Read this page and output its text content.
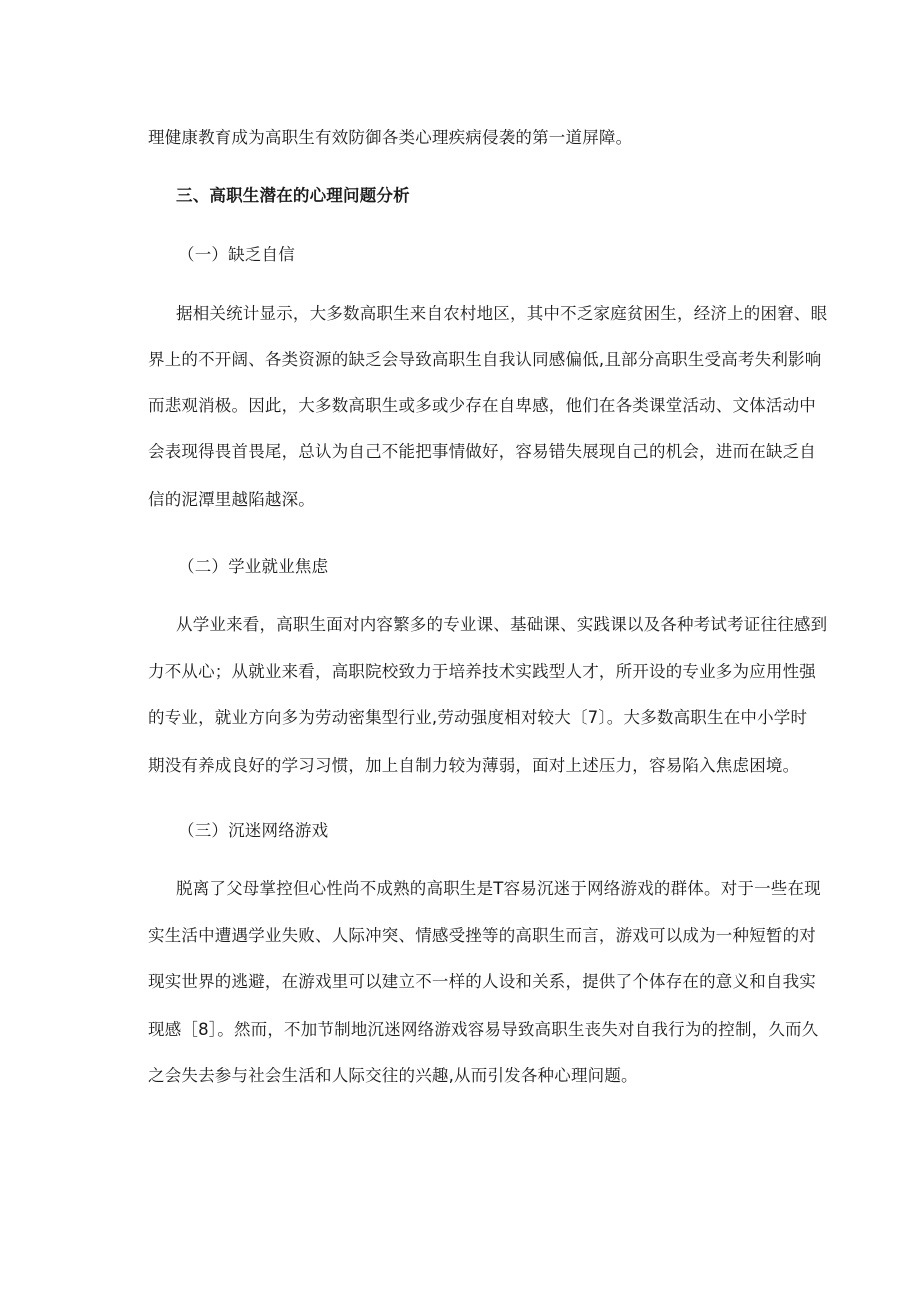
理健康教育成为高职生有效防御各类心理疾病侵袭的第一道屏障。
三、高职生潜在的心理问题分析
（一）缺乏自信
据相关统计显示，大多数高职生来自农村地区，其中不乏家庭贫困生，经济上的困窘、眼
界上的不开阔、各类资源的缺乏会导致高职生自我认同感偏低,且部分高职生受高考失利影响
而悲观消极。因此，大多数高职生或多或少存在自卑感，他们在各类课堂活动、文体活动中
会表现得畏首畏尾，总认为自己不能把事情做好，容易错失展现自己的机会，进而在缺乏自
信的泥潭里越陷越深。
（二）学业就业焦虑
从学业来看，高职生面对内容繁多的专业课、基础课、实践课以及各种考试考证往往感到
力不从心；从就业来看，高职院校致力于培养技术实践型人才，所开设的专业多为应用性强
的专业，就业方向多为劳动密集型行业,劳动强度相对较大〔7〕。大多数高职生在中小学时
期没有养成良好的学习习惯，加上自制力较为薄弱，面对上述压力，容易陷入焦虑困境。
（三）沉迷网络游戏
脱离了父母掌控但心性尚不成熟的高职生是T容易沉迷于网络游戏的群体。对于一些在现
实生活中遭遇学业失败、人际冲突、情感受挫等的高职生而言，游戏可以成为一种短暂的对
现实世界的逃避，在游戏里可以建立不一样的人设和关系，提供了个体存在的意义和自我实
现感［8］。然而，不加节制地沉迷网络游戏容易导致高职生丧失对自我行为的控制，久而久
之会失去参与社会生活和人际交往的兴趣,从而引发各种心理问题。
